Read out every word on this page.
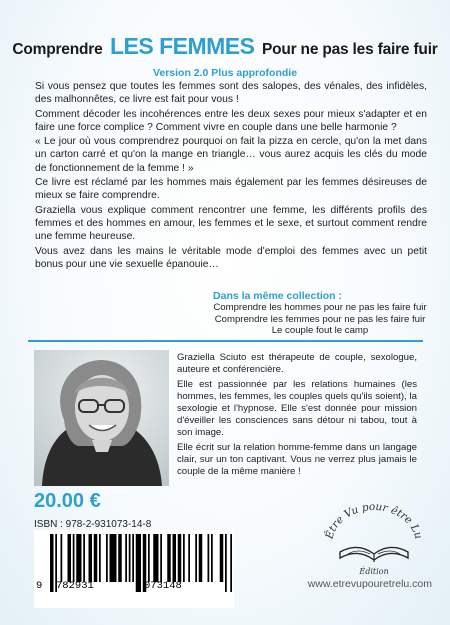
Comprendre LES FEMMES Pour ne pas les faire fuir
Version 2.0 Plus approfondie

Si vous pensez que toutes les femmes sont des salopes, des vénales, des infidèles, des malhonnêtes, ce livre est fait pour vous !

Comment décoder les incohérences entre les deux sexes pour mieux s'adapter et en faire une force complice ? Comment vivre en couple dans une belle harmonie ?

« Le jour où vous comprendrez pourquoi on fait la pizza en cercle, qu'on la met dans un carton carré et qu'on la mange en triangle… vous aurez acquis les clés du mode de fonctionnement de la femme ! »

Ce livre est réclamé par les hommes mais également par les femmes désireuses de mieux se faire comprendre.

Graziella vous explique comment rencontrer une femme, les différents profils des femmes et des hommes en amour, les femmes et le sexe, et surtout comment rendre une femme heureuse.

Vous avez dans les mains le véritable mode d'emploi des femmes avec un petit bonus pour une vie sexuelle épanouie…

Dans la même collection :
Comprendre les hommes pour ne pas les faire fuir
Comprendre les femmes pour ne pas les faire fuir
Le couple fout le camp

Graziella Sciuto est thérapeute de couple, sexologue, auteure et conférencière.

Elle est passionnée par les relations humaines (les hommes, les femmes, les couples quels qu'ils soient), la sexologie et l'hypnose. Elle s'est donnée pour mission d'éveiller les consciences sans détour ni tabou, tout à son image.

Elle écrit sur la relation homme-femme dans un langage clair, sur un ton captivant. Vous ne verrez plus jamais le couple de la même manière !

20.00 €
ISBN : 978-2-931073-14-8
9 782931	073148
Être Vu pour être Lu
Édition
www.etrevupouretrelu.com
